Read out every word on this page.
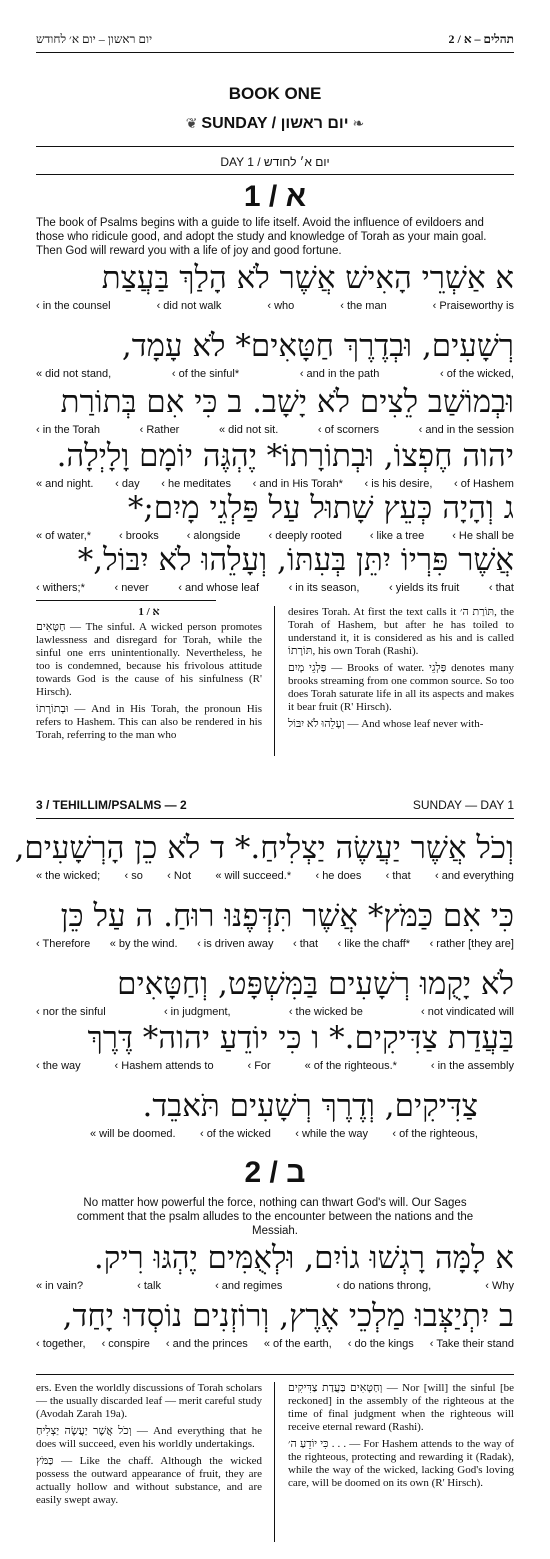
יום ראשון – יום א׳ לחודש	תהלים – א / 2
BOOK ONE
❦ SUNDAY / יום ראשון ❧
DAY 1 / יום א׳ לחודש
1 / א
The book of Psalms begins with a guide to life itself. Avoid the influence of evildoers and those who ridicule good, and adopt the study and knowledge of Torah as your main goal. Then God will reward you with a life of joy and good fortune.
א אַשְׁרֵי הָאִישׁ אֲשֶׁר לֹא הָלַךְ בַּעֲצַת
‹ in the counsel	‹ did not walk	‹ who	‹ the man	‹ Praiseworthy is
רְשָׁעִים, וּבְדֶרֶךְ חַטָּאִים* לֹא עָמָד,
« did not stand,	‹ of the sinful*	‹ and in the path	‹ of the wicked,
וּבְמוֹשַׁב לֵצִים לֹא יָשָׁב. ב כִּי אִם בְּתוֹרַת
‹ in the Torah	‹ Rather	« did not sit.	‹ of scorners	‹ and in the session
יהוה חֶפְצוֹ, וּבְתוֹרָתוֹ* יֶהְגֶּה יוֹמָם וָלָיְלָה.
« and night. ‹ day ‹ he meditates ‹ and in His Torah* ‹ is his desire, ‹ of Hashem
ג וְהָיָה כְּעֵץ שָׁתוּל עַל פַּלְגֵי מָיִם;*
« of water,*	‹ brooks	‹ alongside	‹ deeply rooted	‹ like a tree	‹ He shall be
אֲשֶׁר פִּרְיוֹ יִתֵּן בְּעִתּוֹ, וְעָלֵהוּ לֹא יִבּוֹל,*
‹ withers;*	‹ never	‹ and whose leaf	‹ in its season,	‹ yields its fruit	‹ that
1 / א

חַטָּאִים — The sinful. A wicked person promotes lawlessness and disregard for Torah, while the sinful one errs unintentionally. Nevertheless, he too is condemned, because his frivolous attitude towards God is the cause of his sinfulness (R' Hirsch).

וּבְתוֹרָתוֹ — And in His Torah, the pronoun His refers to Hashem. This can also be rendered in his Torah, referring to the man who

desires Torah. At first the text calls it תּוֹרַת ה׳, the Torah of Hashem, but after he has toiled to understand it, it is considered as his and is called תּוֹרָתוֹ, his own Torah (Rashi).

פַּלְגֵי מָיִם — Brooks of water. פַּלְגֵי denotes many brooks streaming from one common source. So too does Torah saturate life in all its aspects and makes it bear fruit (R' Hirsch).

וְעָלֵהוּ לֹא יִבּוֹל — And whose leaf never with-

3 / TEHILLIM/PSALMS — 2	SUNDAY — DAY 1
וְכֹל אֲשֶׁר יַעֲשֶׂה יַצְלִיחַ.* ד לֹא כֵן הָרְשָׁעִים,
« the wicked; ‹ so ‹ Not « will succeed.* ‹ he does ‹ that ‹ and everything
כִּי אִם כַּמֹּץ* אֲשֶׁר תִּדְּפֶנּוּ רוּחַ. ה עַל כֵּן
‹ Therefore « by the wind. ‹ is driven away ‹ that ‹ like the chaff* ‹ rather [they are]
לֹא יָקֻמוּ רְשָׁעִים בַּמִּשְׁפָּט, וְחַטָּאִים
‹ nor the sinful	‹ in judgment,	‹ the wicked be	‹ not vindicated will
בַּעֲדַת צַדִּיקִים.* ו כִּי יוֹדֵעַ יהוה* דֶּרֶךְ
‹ the way	‹ Hashem attends to	‹ For	« of the righteous.*	‹ in the assembly
צַדִּיקִים, וְדֶרֶךְ רְשָׁעִים תֹּאבֵד.
« will be doomed. ‹ of the wicked ‹ while the way ‹ of the righteous,
2 / ב
No matter how powerful the force, nothing can thwart God's will. Our Sages comment that the psalm alludes to the encounter between the nations and the Messiah.
א לָמָּה רָגְשׁוּ גוֹיִם, וּלְאֻמִּים יֶהְגּוּ רִיק.
« in vain?	‹ talk	‹ and regimes	‹ do nations throng,	‹ Why
ב יִתְיַצְּבוּ מַלְכֵי אֶרֶץ, וְרוֹזְנִים נוֹסְדוּ יָחַד,
‹ together, ‹ conspire ‹ and the princes « of the earth, ‹ do the kings ‹ Take their stand

ers. Even the worldly discussions of Torah scholars — the usually discarded leaf — merit careful study (Avodah Zarah 19a).

וְכֹל אֲשֶׁר יַעֲשֶׂה יַצְלִיחַ — And everything that he does will succeed, even his worldly undertakings.

כַּמֹּץ — Like the chaff. Although the wicked possess the outward appearance of fruit, they are actually hollow and without substance, and are easily swept away.

וְחַטָּאִים בַּעֲדַת צַדִּיקִים — Nor [will] the sinful [be reckoned] in the assembly of the righteous at the time of final judgment when the righteous will receive eternal reward (Rashi).

כִּי יוֹדֵעַ ה׳ . . . — For Hashem attends to the way of the righteous, protecting and rewarding it (Radak), while the way of the wicked, lacking God's loving care, will be doomed on its own (R' Hirsch).
